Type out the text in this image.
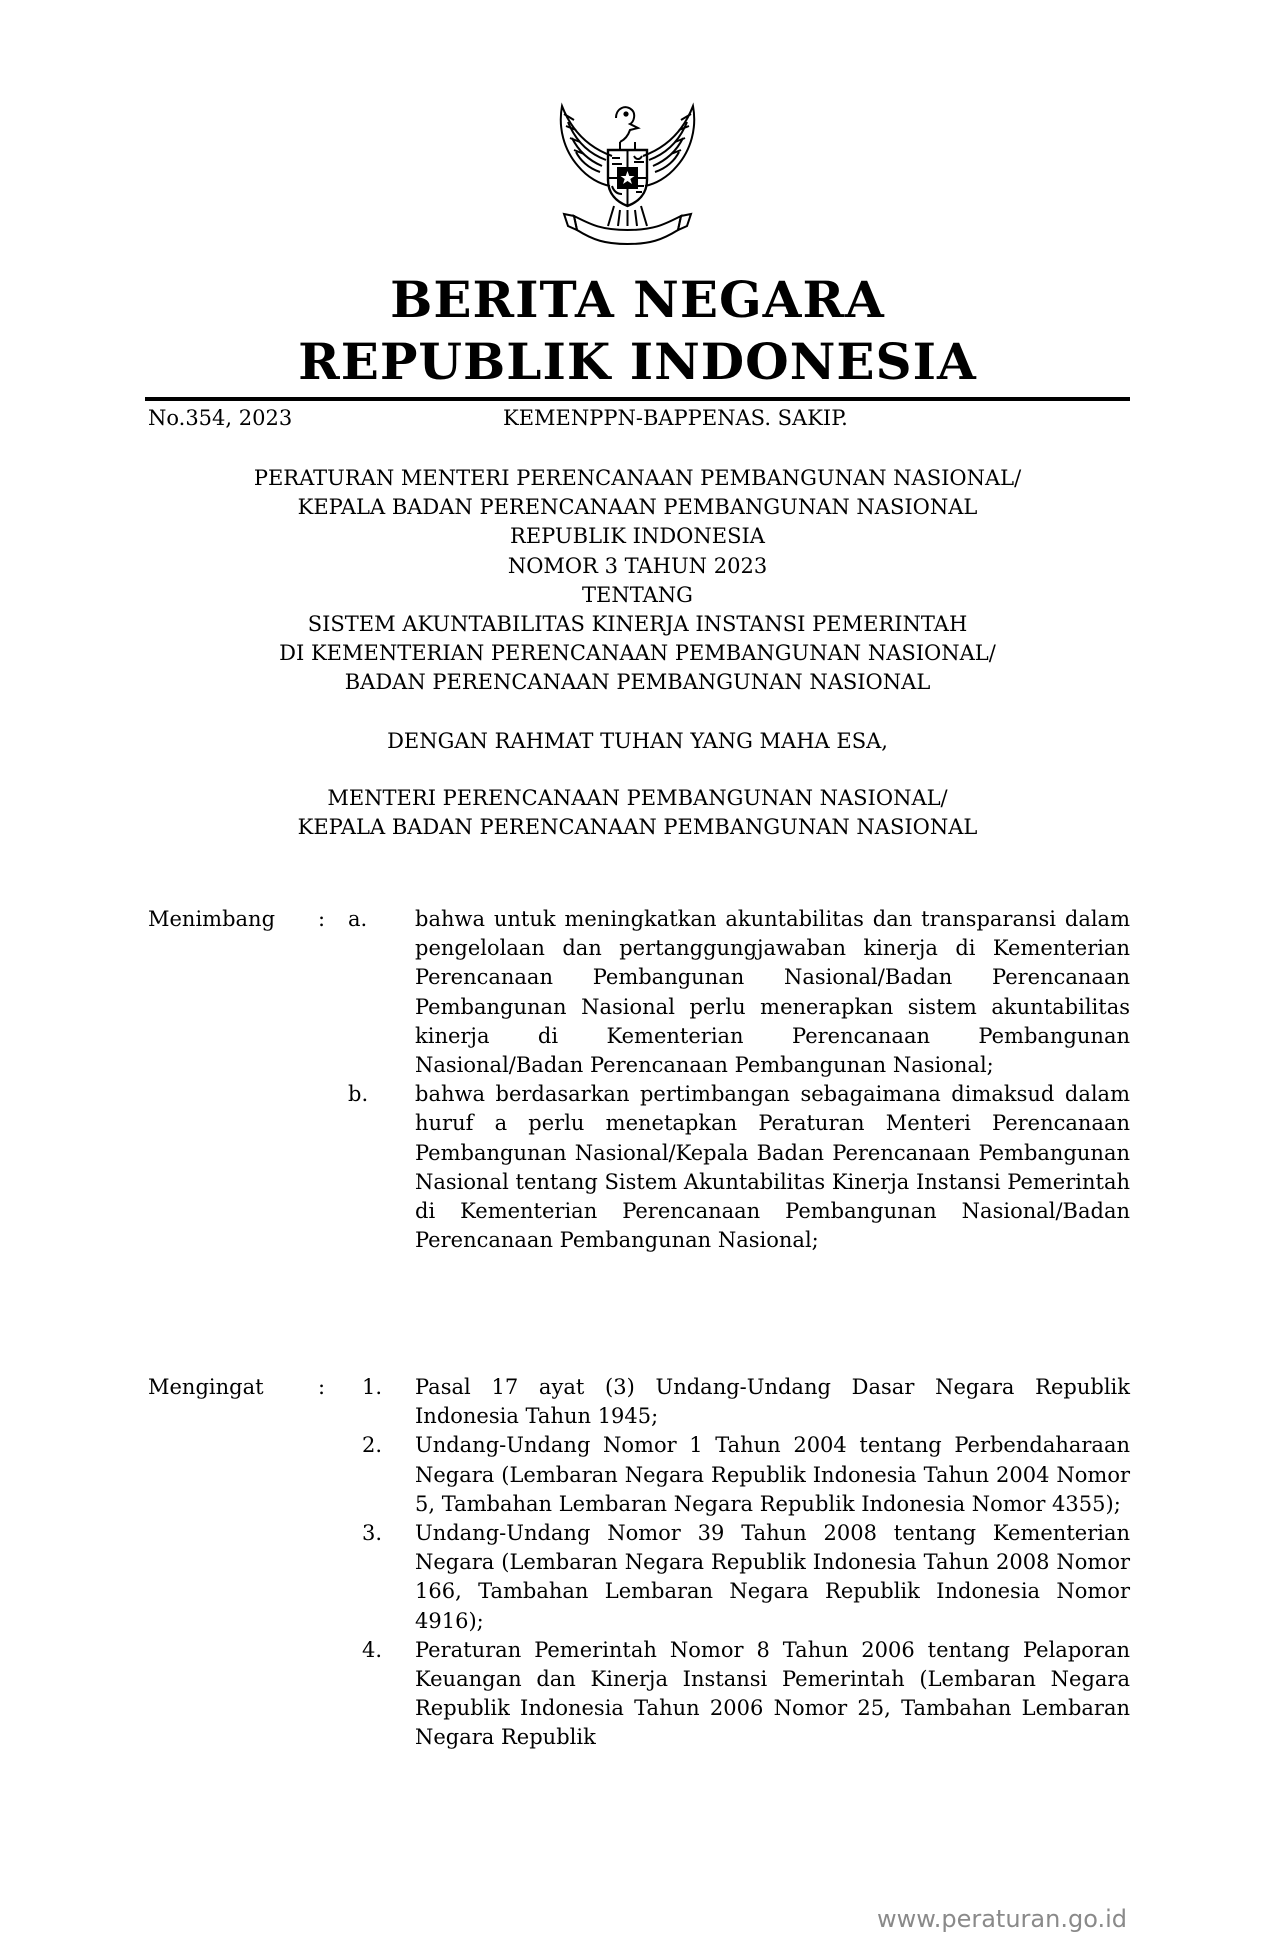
BERITA NEGARA
REPUBLIK INDONESIA
No.354, 2023	KEMENPPN-BAPPENAS. SAKIP.
PERATURAN MENTERI PERENCANAAN PEMBANGUNAN NASIONAL/
KEPALA BADAN PERENCANAAN PEMBANGUNAN NASIONAL
REPUBLIK INDONESIA
NOMOR 3 TAHUN 2023
TENTANG
SISTEM AKUNTABILITAS KINERJA INSTANSI PEMERINTAH
DI KEMENTERIAN PERENCANAAN PEMBANGUNAN NASIONAL/
BADAN PERENCANAAN PEMBANGUNAN NASIONAL
DENGAN RAHMAT TUHAN YANG MAHA ESA,
MENTERI PERENCANAAN PEMBANGUNAN NASIONAL/
KEPALA BADAN PERENCANAAN PEMBANGUNAN NASIONAL
Menimbang	:	a.	bahwa untuk meningkatkan akuntabilitas dan transparansi dalam pengelolaan dan pertanggungjawaban kinerja di Kementerian Perencanaan Pembangunan Nasional/Badan Perencanaan Pembangunan Nasional perlu menerapkan sistem akuntabilitas kinerja di Kementerian Perencanaan Pembangunan Nasional/Badan Perencanaan Pembangunan Nasional;
b.	bahwa berdasarkan pertimbangan sebagaimana dimaksud dalam huruf a perlu menetapkan Peraturan Menteri Perencanaan Pembangunan Nasional/Kepala Badan Perencanaan Pembangunan Nasional tentang Sistem Akuntabilitas Kinerja Instansi Pemerintah di Kementerian Perencanaan Pembangunan Nasional/Badan Perencanaan Pembangunan Nasional;
Mengingat	:	1.	Pasal 17 ayat (3) Undang-Undang Dasar Negara Republik Indonesia Tahun 1945;
2.	Undang-Undang Nomor 1 Tahun 2004 tentang Perbendaharaan Negara (Lembaran Negara Republik Indonesia Tahun 2004 Nomor 5, Tambahan Lembaran Negara Republik Indonesia Nomor 4355);
3.	Undang-Undang Nomor 39 Tahun 2008 tentang Kementerian Negara (Lembaran Negara Republik Indonesia Tahun 2008 Nomor 166, Tambahan Lembaran Negara Republik Indonesia Nomor 4916);
4.	Peraturan Pemerintah Nomor 8 Tahun 2006 tentang Pelaporan Keuangan dan Kinerja Instansi Pemerintah (Lembaran Negara Republik Indonesia Tahun 2006 Nomor 25, Tambahan Lembaran Negara Republik
www.peraturan.go.id
